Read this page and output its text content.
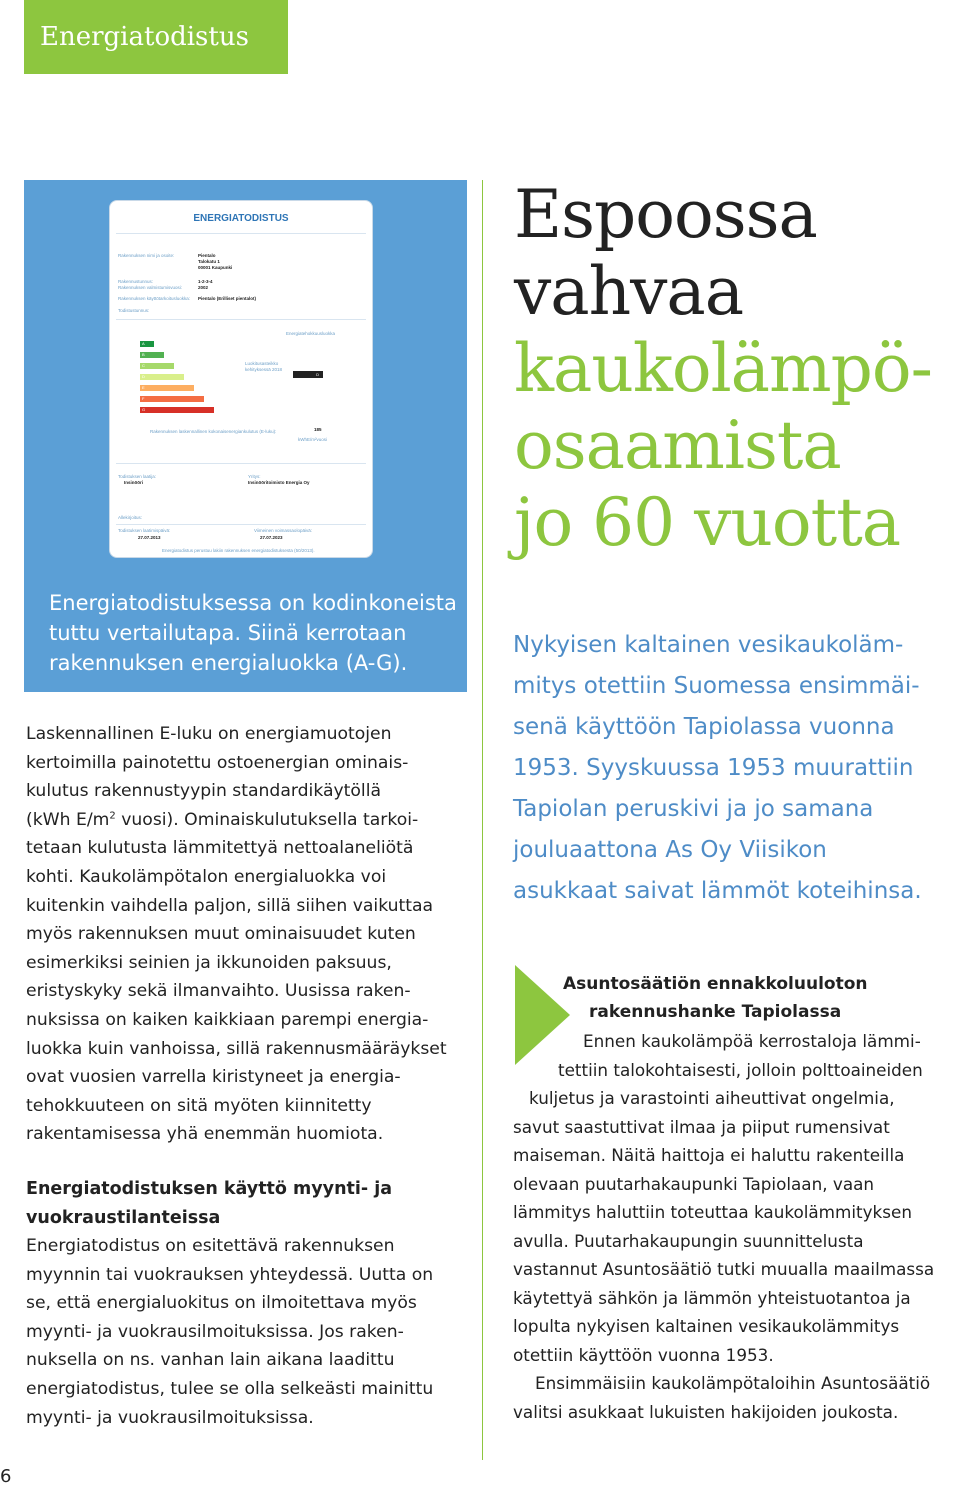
Energiatodistus
ENERGIATODISTUS
Rakennuksen nimi ja osoite:	Pientalo
Talokatu 1
00001 Kaupunki
Rakennustunnus:	1-2-3-4
Rakennuksen valmistumisvuosi:	2002
Rakennuksen käyttötarkoitusluokka: Pientalo (Erilliset pientalot)
Todistustunnus:
Energiatehokkuusluokka
Luokitusasteikko
kehityksessä 2018
D
Rakennuksen laskennallinen kokonaisenergiankulutus (E-luku):	185
kWhE/m²vuosi
Todistuksen laatija:
Insinööri
Yritys:
Insinööritoimisto Energia Oy
Allekirjoitus:
Todistuksen laatimispäivä:
27.07.2013
Viimeinen voimassaolopäivä:
27.07.2023
Energiatodistus perustuu lakiin rakennuksen energiatodistuksesta (50/2013).
A
B
C
D
E
F
G
Energiatodistuksessa on kodinkoneista
tuttu vertailutapa. Siinä kerrotaan
rakennuksen energialuokka (A-G).
Laskennallinen E-luku on energiamuotojen
kertoimilla painotettu ostoenergian ominais-
kulutus rakennustyypin standardikäytöllä
(kWh $E/m^2$ vuosi). Ominaiskulutuksella tarkoi-
tetaan kulutusta lämmitettyä nettoalaneliötä
kohti. Kaukolämpötalon energialuokka voi
kuitenkin vaihdella paljon, sillä siihen vaikuttaa
myös rakennuksen muut ominaisuudet kuten
esimerkiksi seinien ja ikkunoiden paksuus,
eristyskyky sekä ilmanvaihto. Uusissa raken-
nuksissa on kaiken kaikkiaan parempi energia-
luokka kuin vanhoissa, sillä rakennusmääräykset
ovat vuosien varrella kiristyneet ja energia-
tehokkuuteen on sitä myöten kiinnitetty
rakentamisessa yhä enemmän huomiota.
Energiatodistuksen käyttö myynti- ja
vuokraustilanteissa
Energiatodistus on esitettävä rakennuksen
myynnin tai vuokrauksen yhteydessä. Uutta on
se, että energialuokitus on ilmoitettava myös
myynti- ja vuokrausilmoituksissa. Jos raken-
nuksella on ns. vanhan lain aikana laadittu
energiatodistus, tulee se olla selkeästi mainittu
myynti- ja vuokrausilmoituksissa.
Espoossa
vahvaa
kaukolämpö-
osaamista
jo 60 vuotta
Nykyisen kaltainen vesikaukoläm-
mitys otettiin Suomessa ensimmäi-
senä käyttöön Tapiolassa vuonna
1953. Syyskuussa 1953 muurattiin
Tapiolan peruskivi ja jo samana
jouluaattona As Oy Viisikon
asukkaat saivat lämmöt koteihinsa.
Asuntosäätiön ennakkoluuloton
rakennushanke Tapiolassa
Ennen kaukolämpöä kerrostaloja lämmi-
tettiin talokohtaisesti, jolloin polttoaineiden
kuljetus ja varastointi aiheuttivat ongelmia,
savut saastuttivat ilmaa ja piiput rumensivat
maiseman. Näitä haittoja ei haluttu rakenteilla
olevaan puutarhakaupunki Tapiolaan, vaan
lämmitys haluttiin toteuttaa kaukolämmityksen
avulla. Puutarhakaupungin suunnittelusta
vastannut Asuntosäätiö tutki muualla maailmassa
käytettyä sähkön ja lämmön yhteistuotantoa ja
lopulta nykyisen kaltainen vesikaukolämmitys
otettiin käyttöön vuonna 1953.
Ensimmäisiin kaukolämpötaloihin Asuntosäätiö
valitsi asukkaat lukuisten hakijoiden joukosta.
6
